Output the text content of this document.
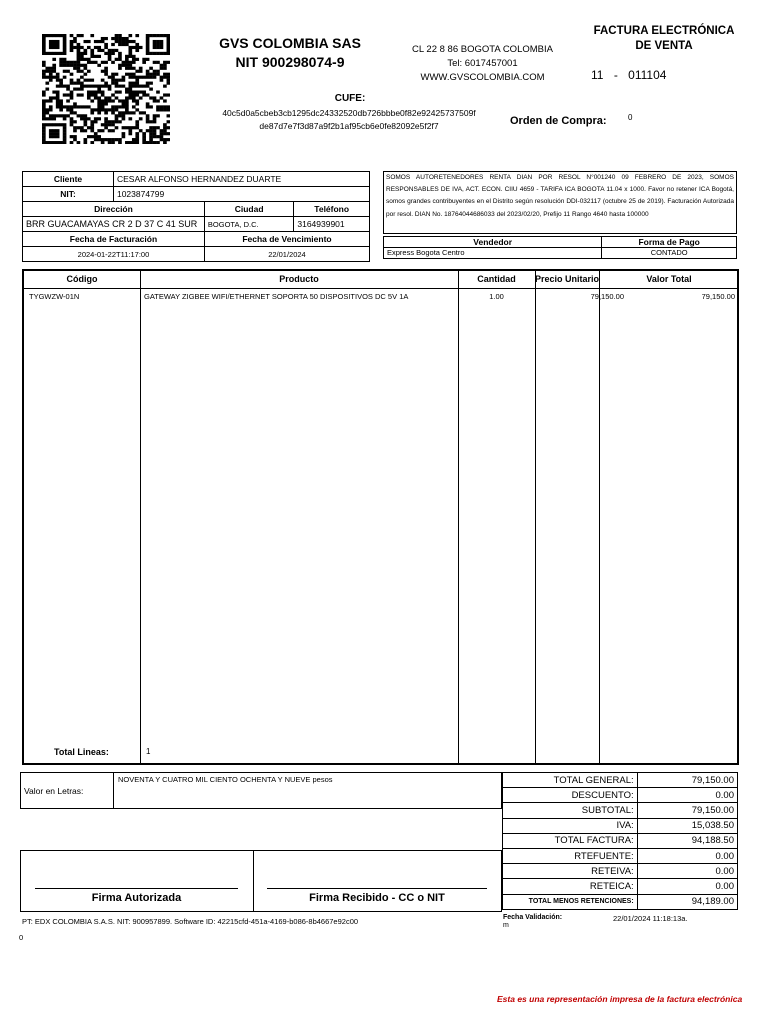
GVS COLOMBIA SAS
NIT 900298074-9
CL 22 8 86 BOGOTA COLOMBIA
Tel: 6017457001
WWW.GVSCOLOMBIA.COM
FACTURA ELECTRÓNICA
DE VENTA
11 - 011104
CUFE:
40c5d0a5cbeb3cb1295dc24332520db726bbbe0f82e92425737509f
de87d7e7f3d87a9f2b1af95cb6e0fe82092e5f2f7	Orden de Compra:	0
Cliente	CESAR ALFONSO HERNANDEZ DUARTE		
NIT:	1023874799		
Dirección		Ciudad	Teléfono
BRR GUACAMAYAS CR 2 D 37 C 41 SUR		BOGOTA, D.C.	3164939901
Fecha de Facturación		Fecha de Vencimiento	
2024-01-22T11:17:00		22/01/2024	
SOMOS AUTORETENEDORES RENTA DIAN POR RESOL N°001240 09 FEBRERO DE 2023, SOMOS RESPONSABLES DE IVA, ACT. ECON. CIIU 4659 - TARIFA ICA BOGOTA 11.04 x 1000. Favor no retener ICA Bogotá, somos grandes contribuyentes en el Distrito según resolución DDI-032117 (octubre 25 de 2019). Facturación Autorizada por resol. DIAN No. 18764044686033 del 2023/02/20, Prefijo 11 Rango 4640 hasta 100000
Vendedor	Forma de Pago
Express Bogota Centro	CONTADO
Código	Producto	Cantidad	Precio Unitario	Valor Total
TYGWZW-01N	GATEWAY ZIGBEE WIFI/ETHERNET SOPORTA 50 DISPOSITIVOS DC 5V 1A	1.00	79,150.00	79,150.00
Total Lineas:	1
Valor en Letras:
NOVENTA Y CUATRO MIL CIENTO OCHENTA Y NUEVE pesos	TOTAL GENERAL:	79,150.00
DESCUENTO:	0.00
SUBTOTAL:	79,150.00
IVA:	15,038.50
TOTAL FACTURA:	94,188.50
RTEFUENTE:	0.00
RETEIVA:	0.00
RETEICA:	0.00
TOTAL MENOS RETENCIONES:	94,189.00
Firma Autorizada	Firma Recibido - CC o NIT
PT: EDX COLOMBIA S.A.S. NIT: 900957899. Software ID: 42215cfd-451a-4169-b086-8b4667e92c00
0
Fecha Validación:	22/01/2024 11:18:13a.
m
Esta es una representación impresa de la factura electrónica
